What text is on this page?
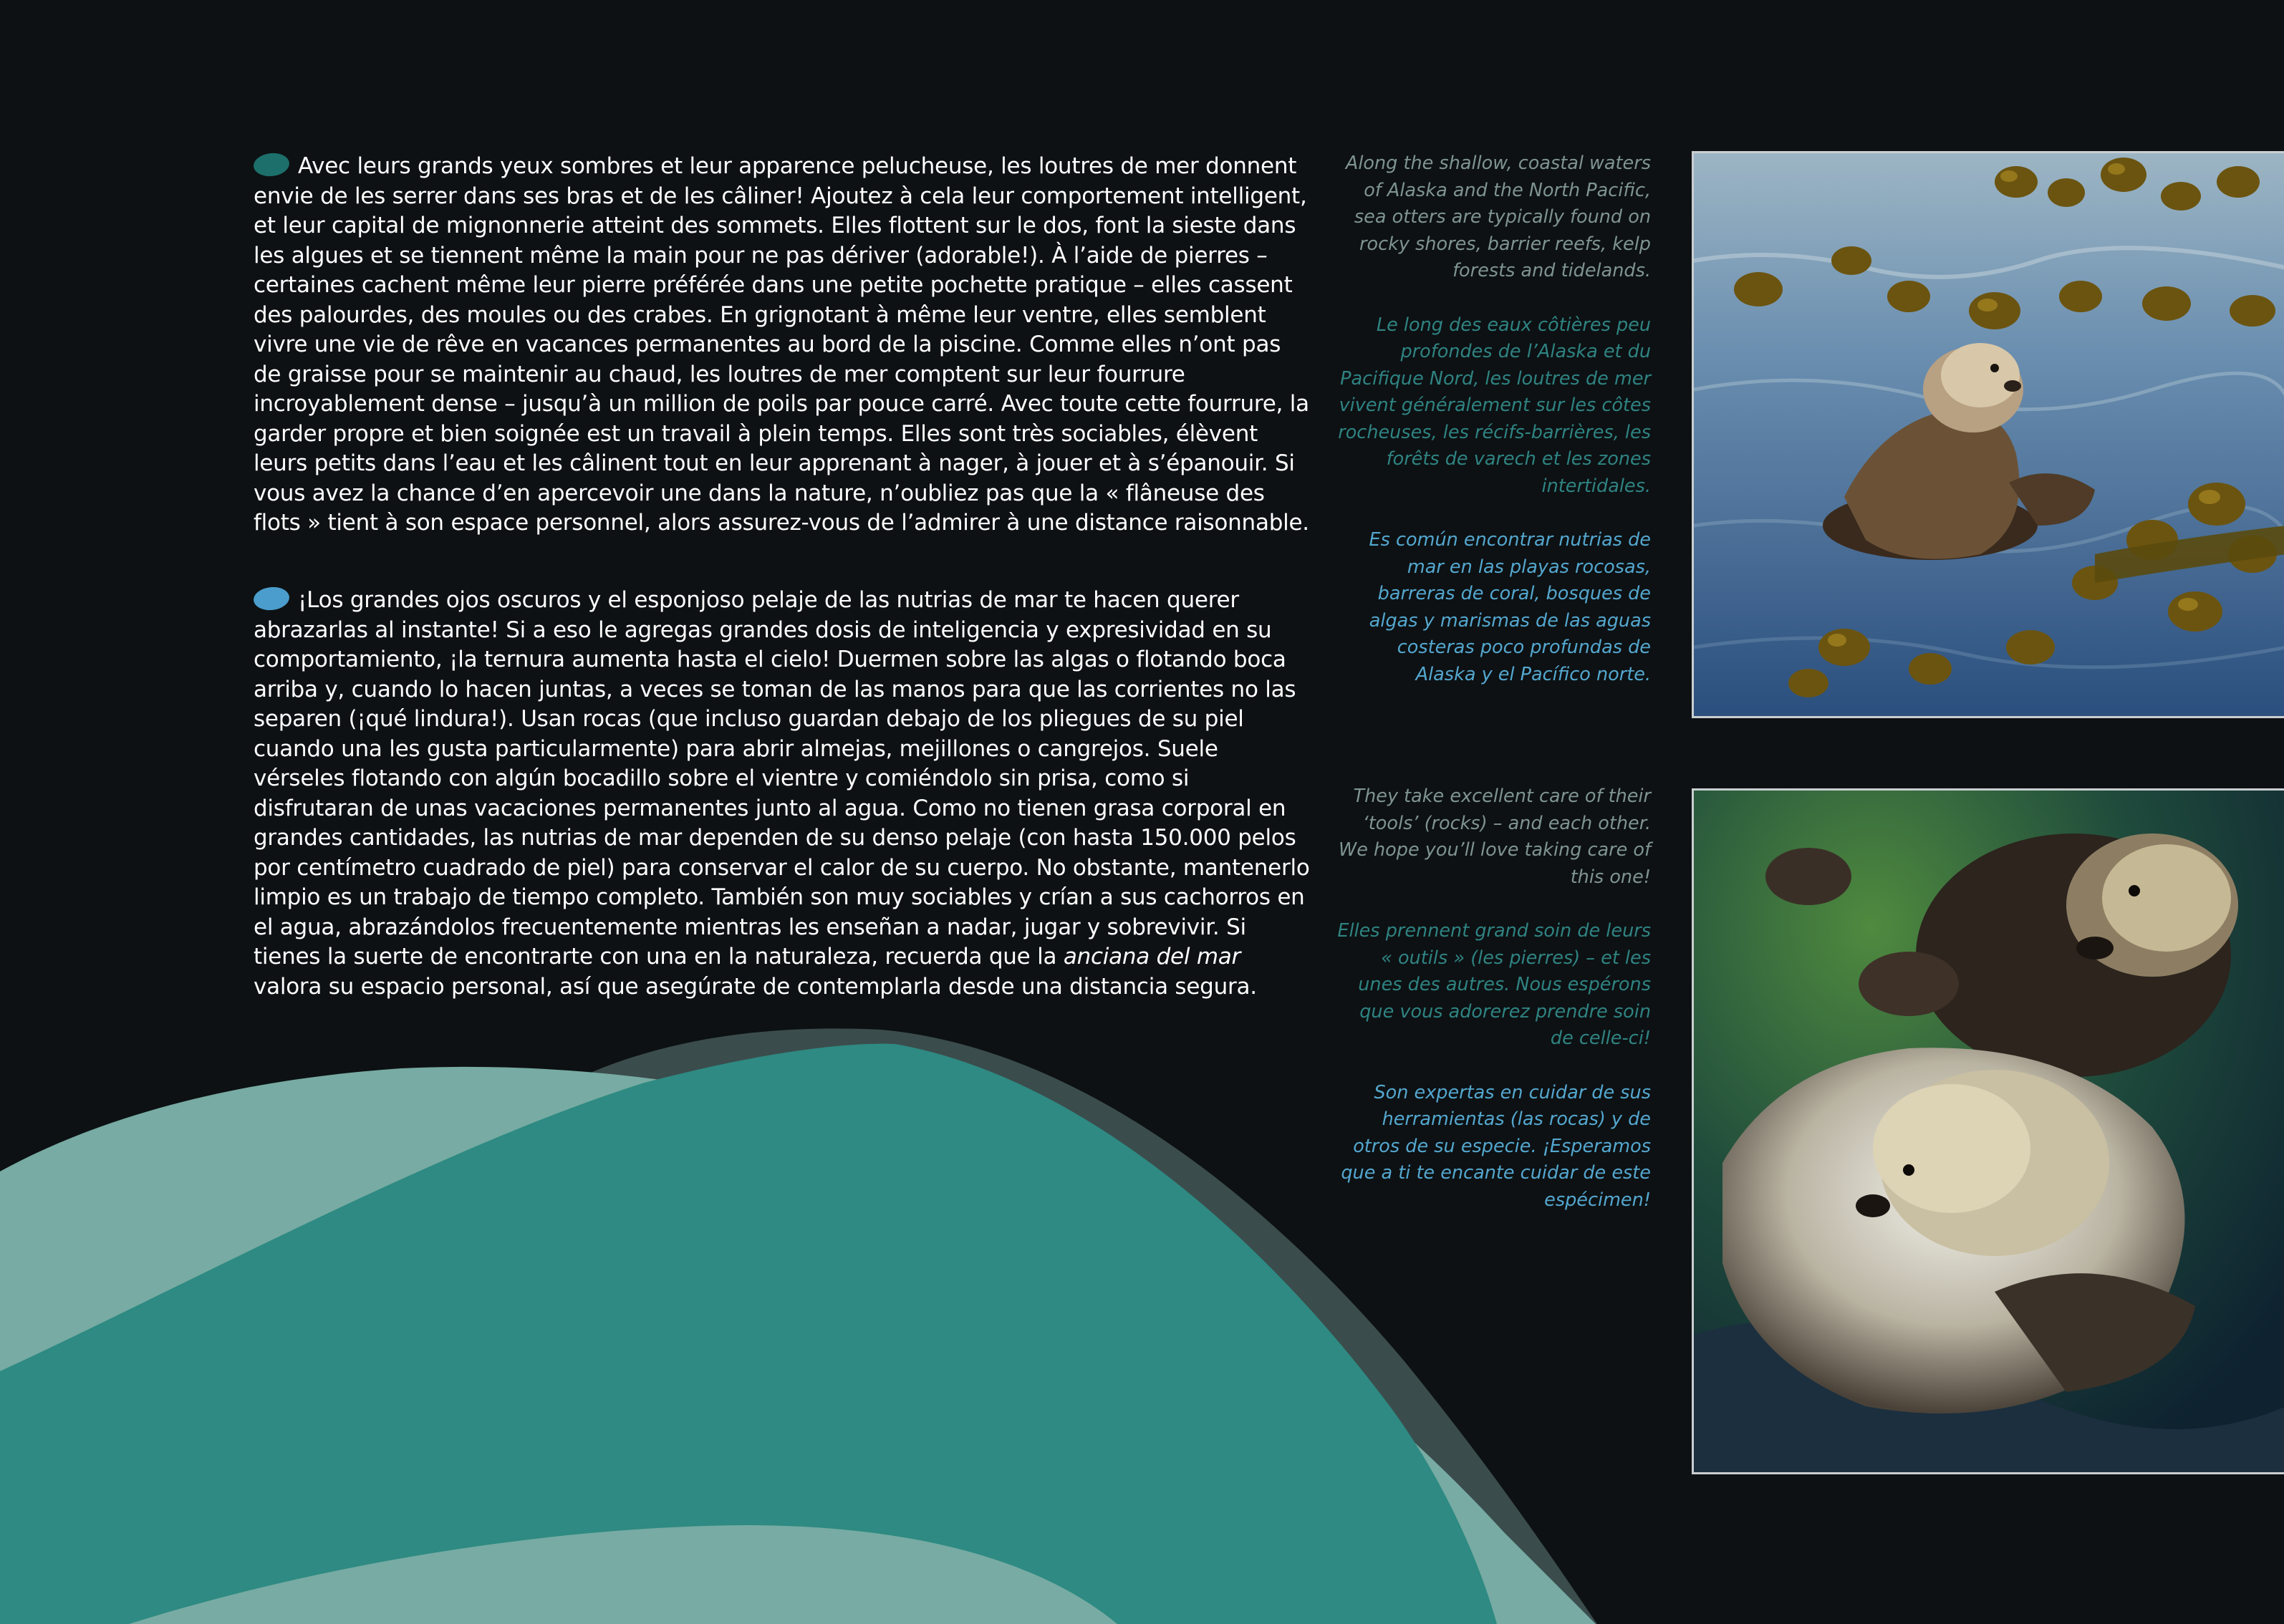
Avec leurs grands yeux sombres et leur apparence pelucheuse, les loutres de mer donnent envie de les serrer dans ses bras et de les câliner! Ajoutez à cela leur comportement intelligent, et leur capital de mignonnerie atteint des sommets. Elles flottent sur le dos, font la sieste dans les algues et se tiennent même la main pour ne pas dériver (adorable!). À l’aide de pierres – certaines cachent même leur pierre préférée dans une petite pochette pratique – elles cassent des palourdes, des moules ou des crabes. En grignotant à même leur ventre, elles semblent vivre une vie de rêve en vacances permanentes au bord de la piscine. Comme elles n’ont pas de graisse pour se maintenir au chaud, les loutres de mer comptent sur leur fourrure incroyablement dense – jusqu’à un million de poils par pouce carré. Avec toute cette fourrure, la garder propre et bien soignée est un travail à plein temps. Elles sont très sociables, élèvent leurs petits dans l’eau et les câlinent tout en leur apprenant à nager, à jouer et à s’épanouir. Si vous avez la chance d’en apercevoir une dans la nature, n’oubliez pas que la « flâneuse des flots » tient à son espace personnel, alors assurez-vous de l’admirer à une distance raisonnable.

¡Los grandes ojos oscuros y el esponjoso pelaje de las nutrias de mar te hacen querer abrazarlas al instante! Si a eso le agregas grandes dosis de inteligencia y expresividad en su comportamiento, ¡la ternura aumenta hasta el cielo! Duermen sobre las algas o flotando boca arriba y, cuando lo hacen juntas, a veces se toman de las manos para que las corrientes no las separen (¡qué lindura!). Usan rocas (que incluso guardan debajo de los pliegues de su piel cuando una les gusta particularmente) para abrir almejas, mejillones o cangrejos. Suele vérseles flotando con algún bocadillo sobre el vientre y comiéndolo sin prisa, como si disfrutaran de unas vacaciones permanentes junto al agua. Como no tienen grasa corporal en grandes cantidades, las nutrias de mar dependen de su denso pelaje (con hasta 150.000 pelos por centímetro cuadrado de piel) para conservar el calor de su cuerpo. No obstante, mantenerlo limpio es un trabajo de tiempo completo. También son muy sociables y crían a sus cachorros en el agua, abrazándolos frecuentemente mientras les enseñan a nadar, jugar y sobrevivir. Si tienes la suerte de encontrarte con una en la naturaleza, recuerda que la anciana del mar valora su espacio personal, así que asegúrate de contemplarla desde una distancia segura.

Along the shallow, coastal waters of Alaska and the North Pacific, sea otters are typically found on rocky shores, barrier reefs, kelp forests and tidelands.

Le long des eaux côtières peu profondes de l’Alaska et du Pacifique Nord, les loutres de mer vivent généralement sur les côtes rocheuses, les récifs-barrières, les forêts de varech et les zones intertidales.

Es común encontrar nutrias de mar en las playas rocosas, barreras de coral, bosques de algas y marismas de las aguas costeras poco profundas de Alaska y el Pacífico norte.

They take excellent care of their ‘tools’ (rocks) – and each other. We hope you’ll love taking care of this one!

Elles prennent grand soin de leurs « outils » (les pierres) – et les unes des autres. Nous espérons que vous adorerez prendre soin de celle-ci!

Son expertas en cuidar de sus herramientas (las rocas) y de otros de su especie. ¡Esperamos que a ti te encante cuidar de este espécimen!
